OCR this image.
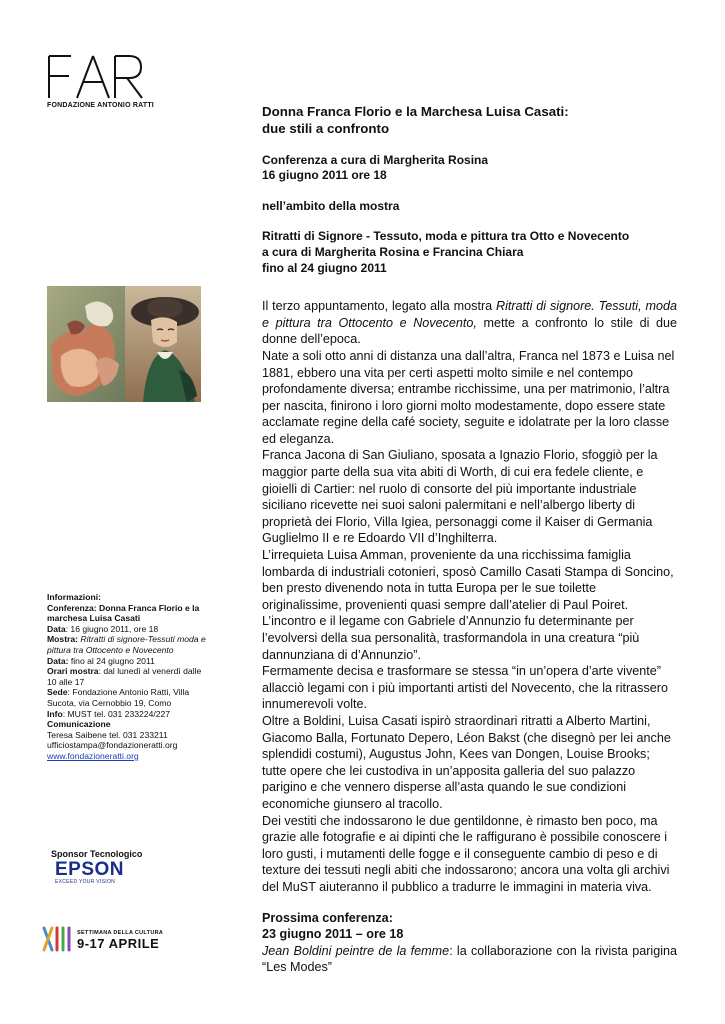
FONDAZIONE ANTONIO RATTI	Donna Franca Florio e la Marchesa Luisa Casati:

due stili a confronto

Conferenza a cura di Margherita Rosina

16 giugno 2011 ore 18

nell’ambito della mostra

Ritratti di Signore - Tessuto, moda e pittura tra Otto e Novecento

a cura di Margherita Rosina e Francina Chiara

fino al 24 giugno 2011

Il terzo appuntamento, legato alla mostra Ritratti di signore. Tessuti, moda e pittura tra Ottocento e Novecento, mette a confronto lo stile di due donne dell’epoca.

Nate a soli otto anni di distanza una dall’altra, Franca nel 1873 e Luisa nel 1881, ebbero una vita per certi aspetti molto simile e nel contempo profondamente diversa; entrambe ricchissime, una per matrimonio, l’altra per nascita, finirono i loro giorni molto modestamente, dopo essere state acclamate regine della café society, seguite e idolatrate per la loro classe ed eleganza.

Franca Jacona di San Giuliano, sposata a Ignazio Florio, sfoggiò per la maggior parte della sua vita abiti di Worth, di cui era fedele cliente, e gioielli di Cartier: nel ruolo di consorte del più importante industriale siciliano ricevette nei suoi saloni palermitani e nell’albergo liberty di proprietà dei Florio, Villa Igiea, personaggi come il Kaiser di Germania Guglielmo II e re Edoardo VII d’Inghilterra.

L’irrequieta Luisa Amman, proveniente da una ricchissima famiglia lombarda di industriali cotonieri, sposò Camillo Casati Stampa di Soncino, ben presto divenendo nota in tutta Europa per le sue toilette originalissime, provenienti quasi sempre dall’atelier di Paul Poiret. L’incontro e il legame con Gabriele d’Annunzio fu determinante per l’evolversi della sua personalità, trasformandola in una creatura “più dannunziana di d’Annunzio”.

Fermamente decisa e trasformare se stessa “in un’opera d’arte vivente” allacciò legami con i più importanti artisti del Novecento, che la ritrassero innumerevoli volte.

Oltre a Boldini, Luisa Casati ispirò straordinari ritratti a Alberto Martini, Giacomo Balla, Fortunato Depero, Léon Bakst (che disegnò per lei anche splendidi costumi), Augustus John, Kees van Dongen, Louise Brooks; tutte opere che lei custodiva in un’apposita galleria del suo palazzo parigino e che vennero disperse all’asta quando le sue condizioni economiche giunsero al tracollo.

Dei vestiti che indossarono le due gentildonne, è rimasto ben poco, ma grazie alle fotografie e ai dipinti che le raffigurano è possibile conoscere i loro gusti, i mutamenti delle fogge e il conseguente cambio di peso e di texture dei tessuti negli abiti che indossarono; ancora una volta gli archivi del MuST aiuteranno il pubblico a tradurre le immagini in materia viva.

Prossima conferenza:

23 giugno 2011 – ore 18

Jean Boldini peintre de la femme: la collaborazione con la rivista parigina “Les Modes”

Informazioni:
Conferenza: Donna Franca Florio e la marchesa Luisa Casati
Data: 16 giugno 2011, ore 18
Mostra: Ritratti di signore-Tessuti moda e pittura tra Ottocento e Novecento
Data: fino al 24 giugno 2011
Orari mostra: dal lunedì al venerdì dalle 10 alle 17
Sede: Fondazione Antonio Ratti, Villa Sucota, via Cernobbio 19, Como
Info: MUST tel. 031 233224/227
Comunicazione
Teresa Saibene tel. 031 233211
ufficiostampa@fondazioneratti.org
www.fondazioneratti.org
Sponsor Tecnologico
EPSON
EXCEED YOUR VISION
SETTIMANA DELLA CULTURA
9-17 APRILE
